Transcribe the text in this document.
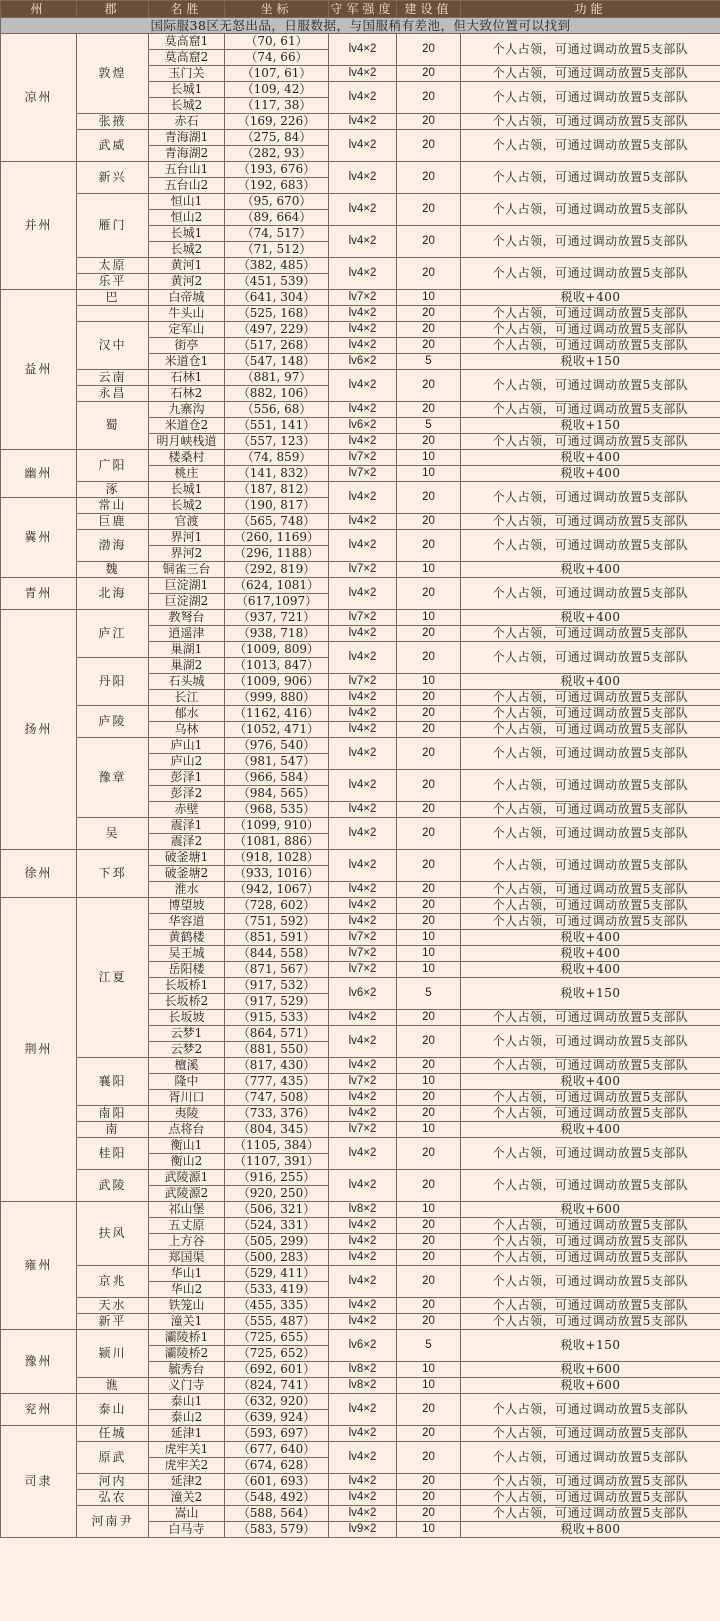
州	郡	名胜	坐标	守军强度	建设值	功能
国际服38区无怒出品，日服数据，与国服稍有差池，但大致位置可以找到						
凉州	敦煌	莫高窟1	（70, 61）	lv4×2	20	个人占领，可通过调动放置5支部队
		莫高窟2	（74, 66）			
		玉门关	（107, 61）	lv4×2	20	个人占领，可通过调动放置5支部队
		长城1	（109, 42）	lv4×2	20	个人占领，可通过调动放置5支部队
		长城2	（117, 38）			
	张掖	赤石	（169, 226）	lv4×2	20	个人占领，可通过调动放置5支部队
	武威	青海湖1	（275, 84）	lv4×2	20	个人占领，可通过调动放置5支部队
		青海湖2	（282, 93）			
并州	新兴	五台山1	（193, 676）	lv4×2	20	个人占领，可通过调动放置5支部队
		五台山2	（192, 683）			
	雁门	恒山1	（95, 670）	lv4×2	20	个人占领，可通过调动放置5支部队
		恒山2	（89, 664）			
		长城1	（74, 517）	lv4×2	20	个人占领，可通过调动放置5支部队
		长城2	（71, 512）			
	太原	黄河1	（382, 485）	lv4×2	20	个人占领，可通过调动放置5支部队
	乐平	黄河2	（451, 539）			
益州	巴	白帝城	（641, 304）	lv7×2	10	税收+400
		牛头山	（525, 168）	lv4×2	20	个人占领，可通过调动放置5支部队
	汉中	定军山	（497, 229）	lv4×2	20	个人占领，可通过调动放置5支部队
		街亭	（517, 268）	lv4×2	20	个人占领，可通过调动放置5支部队
		米道仓1	（547, 148）	lv6×2	5	税收+150
	云南	石林1	（881, 97）	lv4×2	20	个人占领，可通过调动放置5支部队
	永昌	石林2	（882, 106）			
	蜀	九寨沟	（556, 68）	lv4×2	20	个人占领，可通过调动放置5支部队
		米道仓2	（551, 141）	lv6×2	5	税收+150
		明月峡栈道	（557, 123）	lv4×2	20	个人占领，可通过调动放置5支部队
幽州	广阳	楼桑村	（74, 859）	lv7×2	10	税收+400
		桃庄	（141, 832）	lv7×2	10	税收+400
	涿	长城1	（187, 812）	lv4×2	20	个人占领，可通过调动放置5支部队
冀州	常山	长城2	（190, 817）			
	巨鹿	官渡	（565, 748）	lv4×2	20	个人占领，可通过调动放置5支部队
	渤海	界河1	（260, 1169）	lv4×2	20	个人占领，可通过调动放置5支部队
		界河2	（296, 1188）			
	魏	铜雀三台	（292, 819）	lv7×2	10	税收+400
青州	北海	巨淀湖1	（624, 1081）	lv4×2	20	个人占领，可通过调动放置5支部队
		巨淀湖2	（617,1097）			
扬州	庐江	教弩台	（937, 721）	lv7×2	10	税收+400
		逍遥津	（938, 718）	lv4×2	20	个人占领，可通过调动放置5支部队
		巢湖1	（1009, 809）	lv4×2	20	个人占领，可通过调动放置5支部队
	丹阳	巢湖2	（1013, 847）			
		石头城	（1009, 906）	lv7×2	10	税收+400
		长江	（999, 880）	lv4×2	20	个人占领，可通过调动放置5支部队
	庐陵	郁水	（1162, 416）	lv4×2	20	个人占领，可通过调动放置5支部队
		乌林	（1052, 471）	lv4×2	20	个人占领，可通过调动放置5支部队
	豫章	庐山1	（976, 540）	lv4×2	20	个人占领，可通过调动放置5支部队
		庐山2	（981, 547）			
		彭泽1	（966, 584）	lv4×2	20	个人占领，可通过调动放置5支部队
		彭泽2	（984, 565）			
		赤壁	（968, 535）	lv4×2	20	个人占领，可通过调动放置5支部队
	吴	震泽1	（1099, 910）	lv4×2	20	个人占领，可通过调动放置5支部队
		震泽2	（1081, 886）			
徐州	下邳	破釜塘1	（918, 1028）	lv4×2	20	个人占领，可通过调动放置5支部队
		破釜塘2	（933, 1016）			
		淮水	（942, 1067）	lv4×2	20	个人占领，可通过调动放置5支部队
荆州	江夏	博望坡	（728, 602）	lv4×2	20	个人占领，可通过调动放置5支部队
		华容道	（751, 592）	lv4×2	20	个人占领，可通过调动放置5支部队
		黄鹤楼	（851, 591）	lv7×2	10	税收+400
		吴王城	（844, 558）	lv7×2	10	税收+400
		岳阳楼	（871, 567）	lv7×2	10	税收+400
		长坂桥1	（917, 532）	lv6×2	5	税收+150
		长坂桥2	（917, 529）			
		长坂坡	（915, 533）	lv4×2	20	个人占领，可通过调动放置5支部队
		云梦1	（864, 571）	lv4×2	20	个人占领，可通过调动放置5支部队
		云梦2	（881, 550）			
	襄阳	檀溪	（817, 430）	lv4×2	20	个人占领，可通过调动放置5支部队
		隆中	（777, 435）	lv7×2	10	税收+400
		胥川口	（747, 508）	lv4×2	20	个人占领，可通过调动放置5支部队
	南阳	夷陵	（733, 376）	lv4×2	20	个人占领，可通过调动放置5支部队
	南	点将台	（804, 345）	lv7×2	10	税收+400
	桂阳	衡山1	（1105, 384）	lv4×2	20	个人占领，可通过调动放置5支部队
		衡山2	（1107, 391）			
	武陵	武陵源1	（916, 255）	lv4×2	20	个人占领，可通过调动放置5支部队
		武陵源2	（920, 250）			
雍州	扶风	祁山堡	（506, 321）	lv8×2	10	税收+600
		五丈原	（524, 331）	lv4×2	20	个人占领，可通过调动放置5支部队
		上方谷	（505, 299）	lv4×2	20	个人占领，可通过调动放置5支部队
		郑国渠	（500, 283）	lv4×2	20	个人占领，可通过调动放置5支部队
	京兆	华山1	（529, 411）	lv4×2	20	个人占领，可通过调动放置5支部队
		华山2	（533, 419）			
	天水	铁笼山	（455, 335）	lv4×2	20	个人占领，可通过调动放置5支部队
	新平	潼关1	（555, 487）	lv4×2	20	个人占领，可通过调动放置5支部队
豫州	颍川	灞陵桥1	（725, 655）	lv6×2	5	税收+150
		灞陵桥2	（725, 652）			
		毓秀台	（692, 601）	lv8×2	10	税收+600
	谯	义门寺	（824, 741）	lv8×2	10	税收+600
兖州	泰山	泰山1	（632, 920）	lv4×2	20	个人占领，可通过调动放置5支部队
		泰山2	（639, 924）			
司隶	任城	延津1	（593, 697）	lv4×2	20	个人占领，可通过调动放置5支部队
	原武	虎牢关1	（677, 640）	lv4×2	20	个人占领，可通过调动放置5支部队
		虎牢关2	（674, 628）			
	河内	延津2	（601, 693）	lv4×2	20	个人占领，可通过调动放置5支部队
	弘农	潼关2	（548, 492）	lv4×2	20	个人占领，可通过调动放置5支部队
	河南尹	嵩山	（588, 564）	lv4×2	20	个人占领，可通过调动放置5支部队
		白马寺	（583, 579）	lv9×2	10	税收+800
